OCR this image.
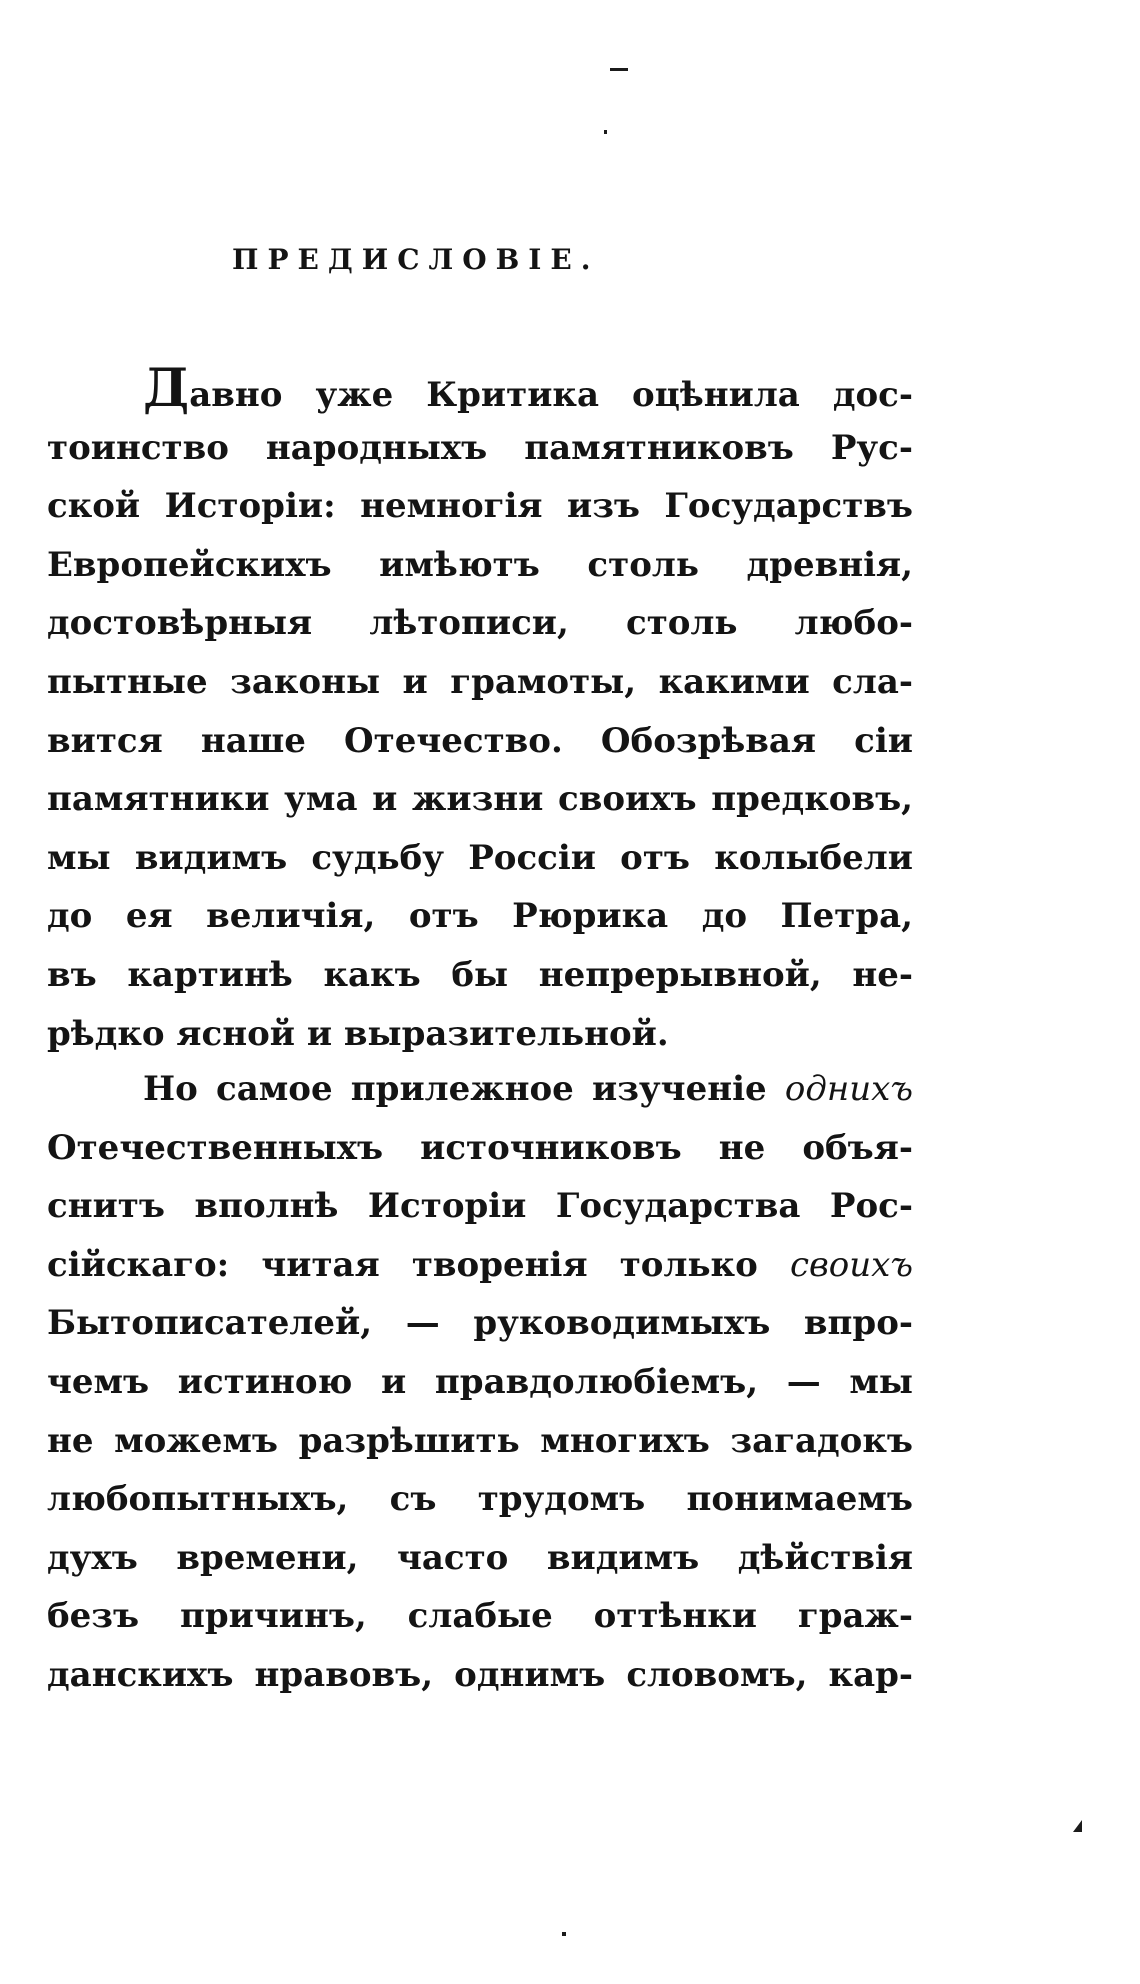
ПРЕДИСЛОВІЕ.
Давно уже Критика оцѣнила дос-
тоинство народныхъ памятниковъ Рус-
ской Исторіи: немногія изъ Государствъ
Европейскихъ имѣютъ столь древнія,
достовѣрныя лѣтописи, столь любо-
пытные законы и грамоты, какими сла-
вится наше Отечество. Обозрѣвая сіи
памятники ума и жизни своихъ предковъ,
мы видимъ судьбу Россіи отъ колыбели
до ея величія, отъ Рюрика до Петра,
въ картинѣ какъ бы непрерывной, не-
рѣдко ясной и выразительной.
Но самое прилежное изученіе однихъ
Отечественныхъ источниковъ не объя-
снитъ вполнѣ Исторіи Государства Рос-
сійскаго: читая творенія только своихъ
Бытописателей, — руководимыхъ впро-
чемъ истиною и правдолюбіемъ, — мы
не можемъ разрѣшить многихъ загадокъ
любопытныхъ, съ трудомъ понимаемъ
духъ времени, часто видимъ дѣйствія
безъ причинъ, слабые оттѣнки граж-
данскихъ нравовъ, однимъ словомъ, кар-
